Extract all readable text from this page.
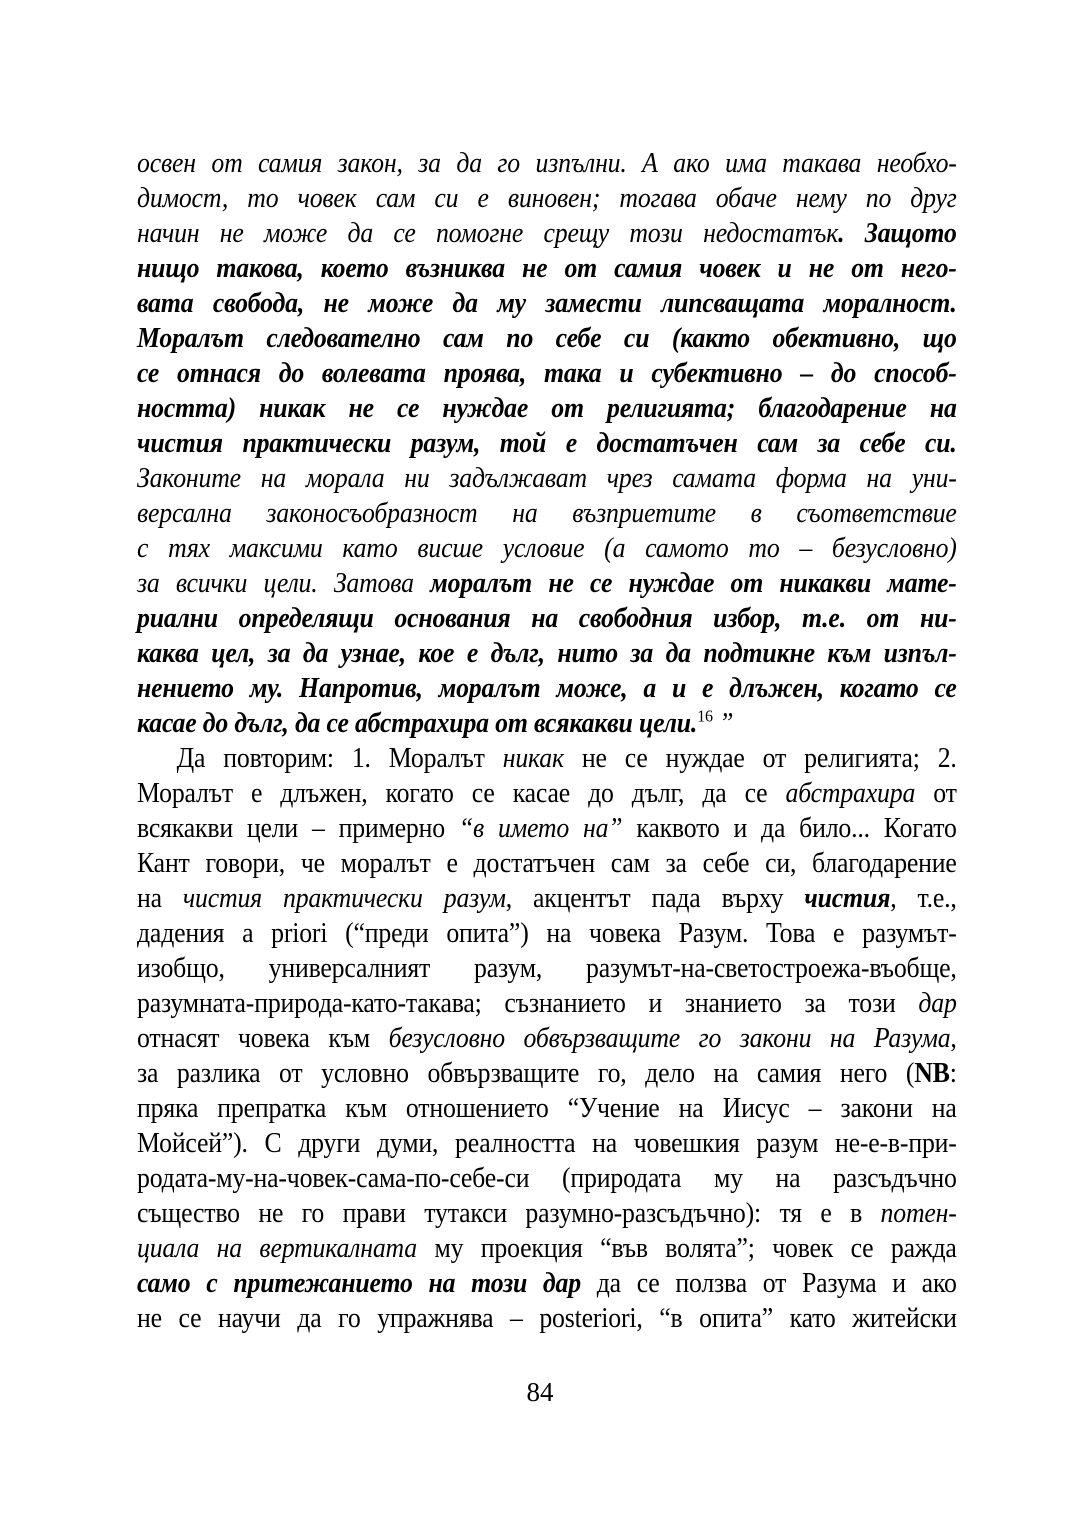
освен от самия закон, за да го изпълни. А ако има такава необхо-
димост, то човек сам си е виновен; тогава обаче нему по друг
начин не може да се помогне срещу този недостатък. Защото
нищо такова, което възниква не от самия човек и не от него-
вата свобода, не може да му замести липсващата моралност.
Моралът следователно сам по себе си (както обективно, що
се отнася до волевата проява, така и субективно – до способ-
ността) никак не се нуждае от религията; благодарение на
чистия практически разум, той е достатъчен сам за себе си.
Законите на морала ни задължават чрез самата форма на уни-
версална законосъобразност на възприетите в съответствие
с тях максими като висше условие (а самото то – безусловно)
за всички цели. Затова моралът не се нуждае от никакви мате-
риални определящи основания на свободния избор, т.е. от ни-
каква цел, за да узнае, кое е дълг, нито за да подтикне към изпъл-
нението му. Напротив, моралът може, а и е длъжен, когато се
касае до дълг, да се абстрахира от всякакви цели.$^{16}$ ”
Да повторим: 1. Моралът никак не се нуждае от религията; 2.
Моралът е длъжен, когато се касае до дълг, да се абстрахира от
всякакви цели – примерно “в името на” каквото и да било... Когато
Кант говори, че моралът е достатъчен сам за себе си, благодарение
на чистия практически разум, акцентът пада върху чистия, т.е.,
дадения a priori (“преди опита”) на човека Разум. Това е разумът-
изобщо, универсалният разум, разумът-на-светостроежа-въобще,
разумната-природа-като-такава; съзнанието и знанието за този дар
отнасят човека към безусловно обвързващите го закони на Разума,
за разлика от условно обвързващите го, дело на самия него (NB:
пряка препратка към отношението “Учение на Иисус – закони на
Мойсей”). С други думи, реалността на човешкия разум не-е-в-при-
родата-му-на-човек-сама-по-себе-си (природата му на разсъдъчно
същество не го прави тутакси разумно-разсъдъчно): тя е в потен-
циала на вертикалната му проекция “във волята”; човек се ражда
само с притежанието на този дар да се ползва от Разума и ако
не се научи да го упражнява – posteriori, “в опита” като житейски
84
